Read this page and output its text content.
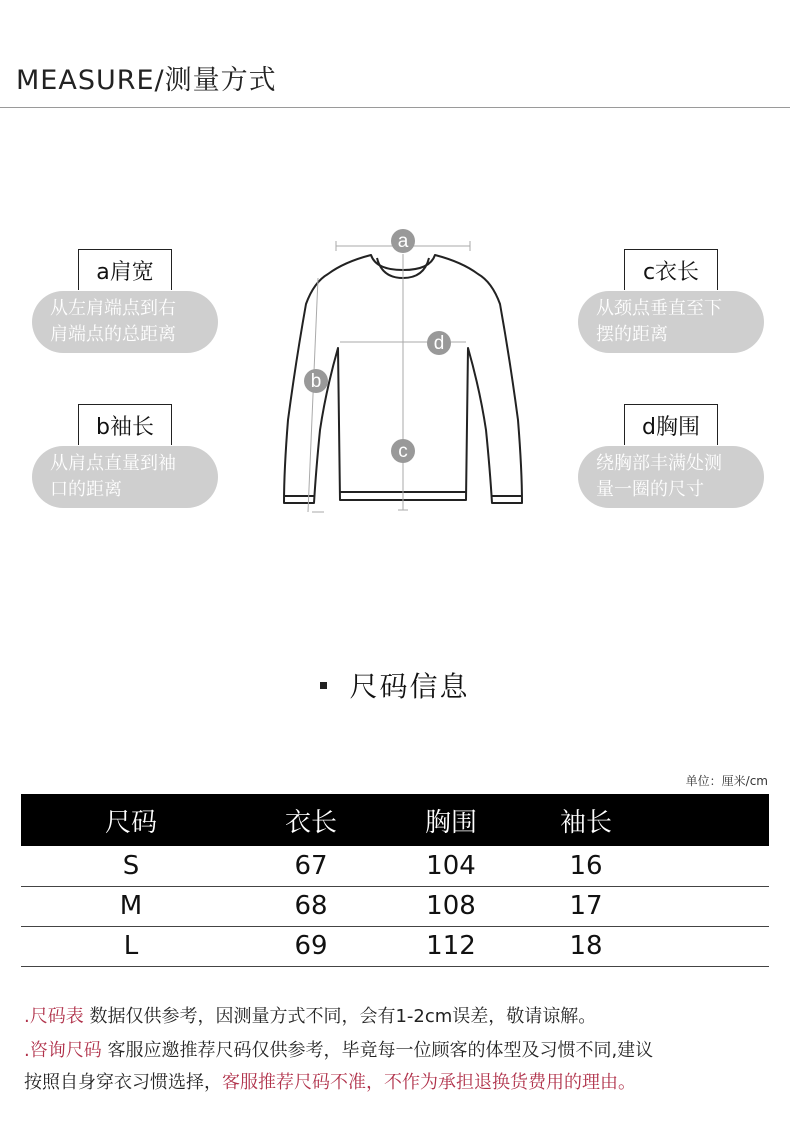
MEASURE/测量方式
a肩宽
从左肩端点到右
肩端点的总距离
b袖长
从肩点直量到袖
口的距离
c衣长
从颈点垂直至下
摆的距离
d胸围
绕胸部丰满处测
量一圈的尺寸
a
b
c
d
尺码信息
单位：厘米/cm
尺码	衣长	胸围	袖长	
S	67	104	16	
M	68	108	17	
L	69	112	18	
.尺码表 数据仅供参考，因测量方式不同，会有1-2cm误差，敬请谅解。
.咨询尺码 客服应邀推荐尺码仅供参考，毕竟每一位顾客的体型及习惯不同,建议
按照自身穿衣习惯选择，客服推荐尺码不准，不作为承担退换货费用的理由。
